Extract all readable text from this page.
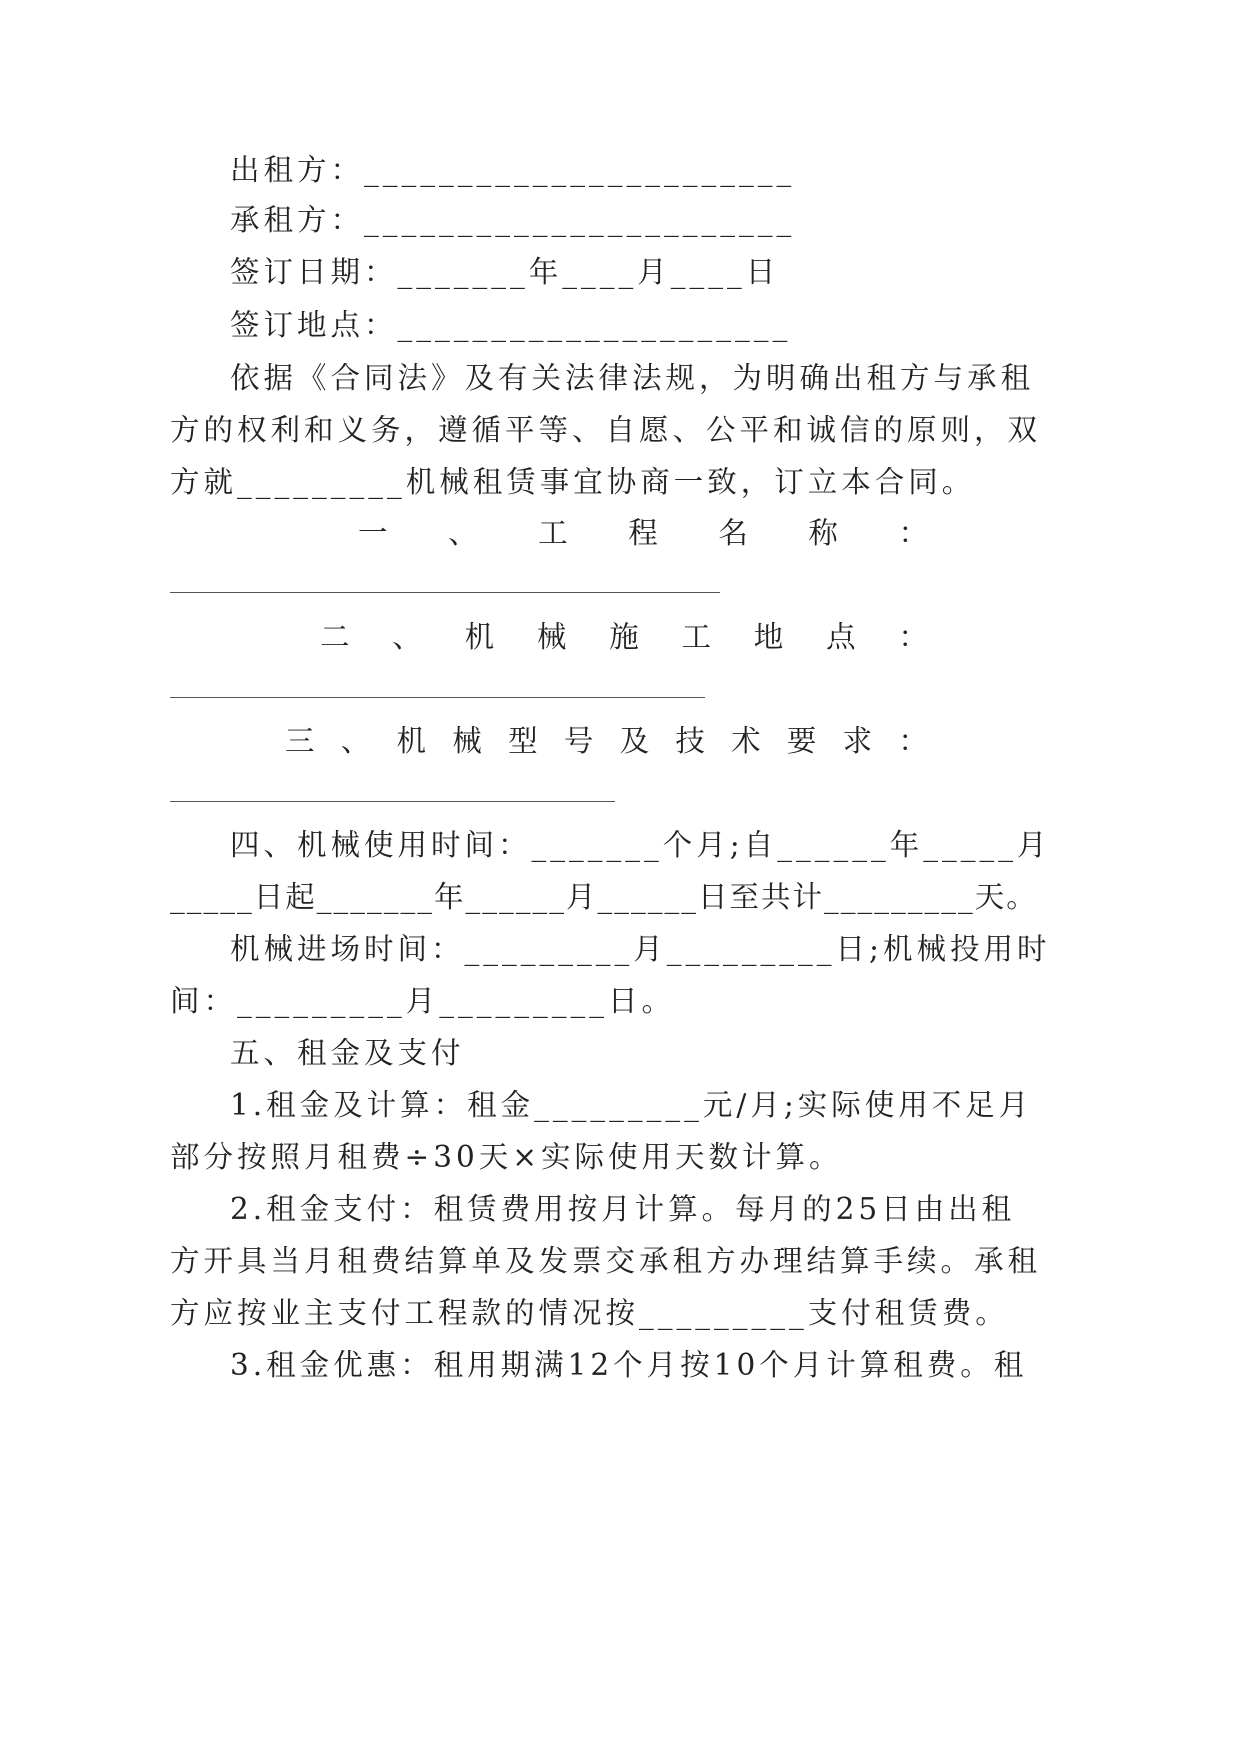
出租方：_______________________
承租方：_______________________
签订日期：_______年____月____日
签订地点：_____________________
依据《合同法》及有关法律法规，为明确出租方与承租
方的权利和义务，遵循平等、自愿、公平和诚信的原则，双
方就_________机械租赁事宜协商一致，订立本合同。
一 、 工 程 名 称 ：
二 、 机 械 施 工 地 点 ：
三 、 机 械 型 号 及 技 术 要 求 ：
四、机械使用时间：_______个月;自______年_____月
_____日起_______年______月______日至共计_________天。
机械进场时间：_________月_________日;机械投用时
间：_________月_________日。
五、租金及支付
1.租金及计算：租金_________元/月;实际使用不足月
部分按照月租费÷30天×实际使用天数计算。
2.租金支付：租赁费用按月计算。每月的25日由出租
方开具当月租费结算单及发票交承租方办理结算手续。承租
方应按业主支付工程款的情况按_________支付租赁费。
3.租金优惠：租用期满12个月按10个月计算租费。租
